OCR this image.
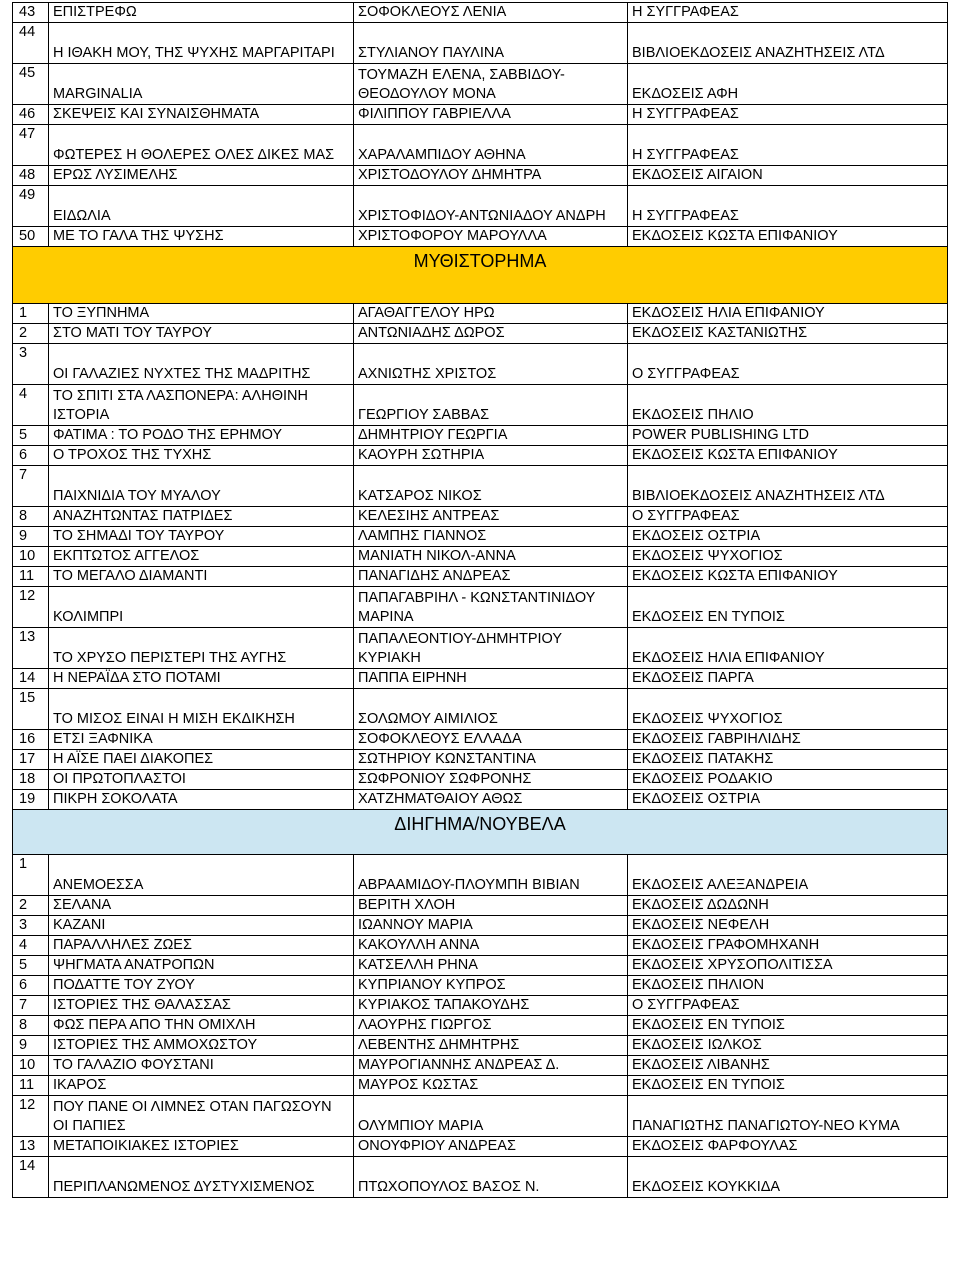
43	ΕΠΙΣΤΡΕΦΩ	ΣΟΦΟΚΛΕΟΥΣ ΛΕΝΙΑ	Η ΣΥΓΓΡΑΦΕΑΣ
44	Η ΙΘΑΚΗ ΜΟΥ, ΤΗΣ ΨΥΧΗΣ ΜΑΡΓΑΡΙΤΑΡΙ	ΣΤΥΛΙΑΝΟΥ ΠΑΥΛΙΝΑ	ΒΙΒΛΙΟΕΚΔΟΣΕΙΣ ΑΝΑΖΗΤΗΣΕΙΣ ΛΤΔ
45	MARGINALIA	ΤΟΥΜΑΖΗ ΕΛΕΝΑ, ΣΑΒΒΙΔΟΥ-ΘΕΟΔΟΥΛΟΥ ΜΟΝΑ	ΕΚΔΟΣΕΙΣ ΑΦΗ
46	ΣΚΕΨΕΙΣ ΚΑΙ ΣΥΝΑΙΣΘΗΜΑΤΑ	ΦΙΛΙΠΠΟΥ ΓΑΒΡΙΕΛΛΑ	Η ΣΥΓΓΡΑΦΕΑΣ
47	ΦΩΤΕΡΕΣ Η ΘΟΛΕΡΕΣ ΟΛΕΣ ΔΙΚΕΣ ΜΑΣ	ΧΑΡΑΛΑΜΠΙΔΟΥ ΑΘΗΝΑ	Η ΣΥΓΓΡΑΦΕΑΣ
48	ΕΡΩΣ ΛΥΣΙΜΕΛΗΣ	ΧΡΙΣΤΟΔΟΥΛΟΥ ΔΗΜΗΤΡΑ	ΕΚΔΟΣΕΙΣ ΑΙΓΑΙΟΝ
49	ΕΙΔΩΛΙΑ	ΧΡΙΣΤΟΦΙΔΟΥ-ΑΝΤΩΝΙΑΔΟΥ ΑΝΔΡΗ	Η ΣΥΓΓΡΑΦΕΑΣ
50	ΜΕ ΤΟ ΓΑΛΑ ΤΗΣ ΨΥΣΗΣ	ΧΡΙΣΤΟΦΟΡΟΥ ΜΑΡΟΥΛΛΑ	ΕΚΔΟΣΕΙΣ ΚΩΣΤΑ ΕΠΙΦΑΝΙΟΥ
ΜΥΘΙΣΤΟΡΗΜΑ			
1	ΤΟ ΞΥΠΝΗΜΑ	ΑΓΑΘΑΓΓΕΛΟΥ ΗΡΩ	ΕΚΔΟΣΕΙΣ ΗΛΙΑ ΕΠΙΦΑΝΙΟΥ
2	ΣΤΟ ΜΑΤΙ ΤΟΥ ΤΑΥΡΟΥ	ΑΝΤΩΝΙΑΔΗΣ ΔΩΡΟΣ	ΕΚΔΟΣΕΙΣ ΚΑΣΤΑΝΙΩΤΗΣ
3	ΟΙ ΓΑΛΑΖΙΕΣ ΝΥΧΤΕΣ ΤΗΣ ΜΑΔΡΙΤΗΣ	ΑΧΝΙΩΤΗΣ ΧΡΙΣΤΟΣ	Ο ΣΥΓΓΡΑΦΕΑΣ
4	ΤΟ ΣΠΙΤΙ ΣΤΑ ΛΑΣΠΟΝΕΡΑ: ΑΛΗΘΙΝΗ ΙΣΤΟΡΙΑ	ΓΕΩΡΓΙΟΥ ΣΑΒΒΑΣ	ΕΚΔΟΣΕΙΣ ΠΗΛΙΟ
5	ΦΑΤΙΜΑ : ΤΟ ΡΟΔΟ ΤΗΣ ΕΡΗΜΟΥ	ΔΗΜΗΤΡΙΟΥ ΓΕΩΡΓΙΑ	POWER PUBLISHING LTD
6	Ο ΤΡΟΧΟΣ ΤΗΣ ΤΥΧΗΣ	ΚΑΟΥΡΗ ΣΩΤΗΡΙΑ	ΕΚΔΟΣΕΙΣ ΚΩΣΤΑ ΕΠΙΦΑΝΙΟΥ
7	ΠΑΙΧΝΙΔΙΑ ΤΟΥ ΜΥΑΛΟΥ	ΚΑΤΣΑΡΟΣ ΝΙΚΟΣ	ΒΙΒΛΙΟΕΚΔΟΣΕΙΣ ΑΝΑΖΗΤΗΣΕΙΣ ΛΤΔ
8	ΑΝΑΖΗΤΩΝΤΑΣ ΠΑΤΡΙΔΕΣ	ΚΕΛΕΣΙΗΣ ΑΝΤΡΕΑΣ	Ο ΣΥΓΓΡΑΦΕΑΣ
9	ΤΟ ΣΗΜΑΔΙ ΤΟΥ ΤΑΥΡΟΥ	ΛΑΜΠΗΣ ΓΙΑΝΝΟΣ	ΕΚΔΟΣΕΙΣ ΟΣΤΡΙΑ
10	ΕΚΠΤΩΤΟΣ ΑΓΓΕΛΟΣ	ΜΑΝΙΑΤΗ ΝΙΚΟΛ-ΑΝΝΑ	ΕΚΔΟΣΕΙΣ ΨΥΧΟΓΙΟΣ
11	ΤΟ ΜΕΓΑΛΟ ΔΙΑΜΑΝΤΙ	ΠΑΝΑΓΙΔΗΣ ΑΝΔΡΕΑΣ	ΕΚΔΟΣΕΙΣ ΚΩΣΤΑ ΕΠΙΦΑΝΙΟΥ
12	ΚΟΛΙΜΠΡΙ	ΠΑΠΑΓΑΒΡΙΗΛ - ΚΩΝΣΤΑΝΤΙΝΙΔΟΥ ΜΑΡΙΝΑ	ΕΚΔΟΣΕΙΣ ΕΝ ΤΥΠΟΙΣ
13	ΤΟ ΧΡΥΣΟ ΠΕΡΙΣΤΕΡΙ ΤΗΣ ΑΥΓΗΣ	ΠΑΠΑΛΕΟΝΤΙΟΥ-ΔΗΜΗΤΡΙΟΥ ΚΥΡΙΑΚΗ	ΕΚΔΟΣΕΙΣ ΗΛΙΑ ΕΠΙΦΑΝΙΟΥ
14	Η ΝΕΡΑΪΔΑ ΣΤΟ ΠΟΤΑΜΙ	ΠΑΠΠΑ ΕΙΡΗΝΗ	ΕΚΔΟΣΕΙΣ ΠΑΡΓΑ
15	ΤΟ ΜΙΣΟΣ ΕΙΝΑΙ Η ΜΙΣΗ ΕΚΔΙΚΗΣΗ	ΣΟΛΩΜΟΥ ΑΙΜΙΛΙΟΣ	ΕΚΔΟΣΕΙΣ ΨΥΧΟΓΙΟΣ
16	ΕΤΣΙ ΞΑΦΝΙΚΑ	ΣΟΦΟΚΛΕΟΥΣ ΕΛΛΑΔΑ	ΕΚΔΟΣΕΙΣ ΓΑΒΡΙΗΛΙΔΗΣ
17	Η ΑΪΣΕ ΠΑΕΙ ΔΙΑΚΟΠΕΣ	ΣΩΤΗΡΙΟΥ ΚΩΝΣΤΑΝΤΙΝΑ	ΕΚΔΟΣΕΙΣ ΠΑΤΑΚΗΣ
18	ΟΙ ΠΡΩΤΟΠΛΑΣΤΟΙ	ΣΩΦΡΟΝΙΟΥ ΣΩΦΡΟΝΗΣ	ΕΚΔΟΣΕΙΣ ΡΟΔΑΚΙΟ
19	ΠΙΚΡΗ ΣΟΚΟΛΑΤΑ	ΧΑΤΖΗΜΑΤΘΑΙΟΥ ΑΘΩΣ	ΕΚΔΟΣΕΙΣ ΟΣΤΡΙΑ
ΔΙΗΓΗΜΑ/ΝΟΥΒΕΛΑ			
1	ΑΝΕΜΟΕΣΣΑ	ΑΒΡΑΑΜΙΔΟΥ-ΠΛΟΥΜΠΗ ΒΙΒΙΑΝ	ΕΚΔΟΣΕΙΣ ΑΛΕΞΑΝΔΡΕΙΑ
2	ΣΕΛΑΝΑ	ΒΕΡΙΤΗ ΧΛΟΗ	ΕΚΔΟΣΕΙΣ ΔΩΔΩΝΗ
3	ΚΑΖΑΝΙ	ΙΩΑΝΝΟΥ ΜΑΡΙΑ	ΕΚΔΟΣΕΙΣ ΝΕΦΕΛΗ
4	ΠΑΡΑΛΛΗΛΕΣ ΖΩΕΣ	ΚΑΚΟΥΛΛΗ ΑΝΝΑ	ΕΚΔΟΣΕΙΣ ΓΡΑΦΟΜΗΧΑΝΗ
5	ΨΗΓΜΑΤΑ ΑΝΑΤΡΟΠΩΝ	ΚΑΤΣΕΛΛΗ ΡΗΝΑ	ΕΚΔΟΣΕΙΣ ΧΡΥΣΟΠΟΛΙΤΙΣΣΑ
6	ΠΟΔΑΤΤΕ ΤΟΥ ΖΥΟΥ	ΚΥΠΡΙΑΝΟΥ ΚΥΠΡΟΣ	ΕΚΔΟΣΕΙΣ ΠΗΛΙΟΝ
7	ΙΣΤΟΡΙΕΣ ΤΗΣ ΘΑΛΑΣΣΑΣ	ΚΥΡΙΑΚΟΣ ΤΑΠΑΚΟΥΔΗΣ	Ο ΣΥΓΓΡΑΦΕΑΣ
8	ΦΩΣ ΠΕΡΑ ΑΠΟ ΤΗΝ ΟΜΙΧΛΗ	ΛΑΟΥΡΗΣ ΓΙΩΡΓΟΣ	ΕΚΔΟΣΕΙΣ ΕΝ ΤΥΠΟΙΣ
9	ΙΣΤΟΡΙΕΣ ΤΗΣ ΑΜΜΟΧΩΣΤΟΥ	ΛΕΒΕΝΤΗΣ ΔΗΜΗΤΡΗΣ	ΕΚΔΟΣΕΙΣ ΙΩΛΚΟΣ
10	ΤΟ ΓΑΛΑΖΙΟ ΦΟΥΣΤΑΝΙ	ΜΑΥΡΟΓΙΑΝΝΗΣ ΑΝΔΡΕΑΣ Δ.	ΕΚΔΟΣΕΙΣ ΛΙΒΑΝΗΣ
11	ΙΚΑΡΟΣ	ΜΑΥΡΟΣ ΚΩΣΤΑΣ	ΕΚΔΟΣΕΙΣ ΕΝ ΤΥΠΟΙΣ
12	ΠΟΥ ΠΑΝΕ ΟΙ ΛΙΜΝΕΣ ΟΤΑΝ ΠΑΓΩΣΟΥΝ ΟΙ ΠΑΠΙΕΣ	ΟΛΥΜΠΙΟΥ ΜΑΡΙΑ	ΠΑΝΑΓΙΩΤΗΣ ΠΑΝΑΓΙΩΤΟΥ-ΝΕΟ ΚΥΜΑ
13	ΜΕΤΑΠΟΙΚΙΑΚΕΣ ΙΣΤΟΡΙΕΣ	ΟΝΟΥΦΡΙΟΥ ΑΝΔΡΕΑΣ	ΕΚΔΟΣΕΙΣ ΦΑΡΦΟΥΛΑΣ
14	ΠΕΡΙΠΛΑΝΩΜΕΝΟΣ ΔΥΣΤΥΧΙΣΜΕΝΟΣ	ΠΤΩΧΟΠΟΥΛΟΣ ΒΑΣΟΣ Ν.	ΕΚΔΟΣΕΙΣ ΚΟΥΚΚΙΔΑ
